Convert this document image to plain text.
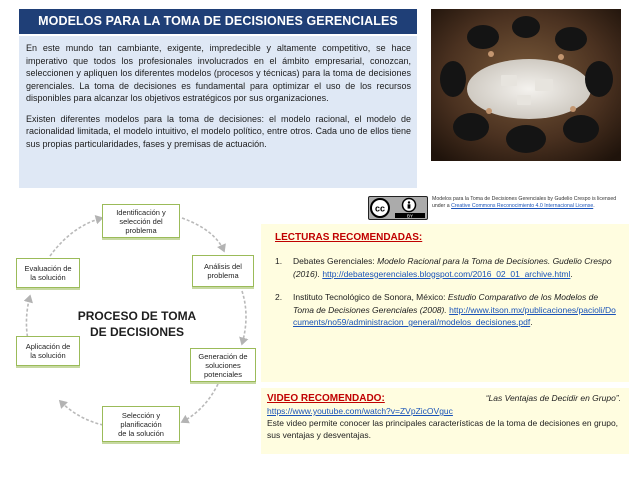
MODELOS PARA LA TOMA DE DECISIONES GERENCIALES

En este mundo tan cambiante, exigente, impredecible y altamente competitivo, se hace imperativo que todos los profesionales involucrados en el ámbito empresarial, conozcan, seleccionen y apliquen los diferentes modelos (procesos y técnicas) para la toma de decisiones gerenciales. La toma de decisiones es fundamental para optimizar el uso de los recursos disponibles para alcanzar los objetivos estratégicos por sus organizaciones.

Existen diferentes modelos para la toma de decisiones: el modelo racional, el modelo de racionalidad limitada, el modelo intuitivo, el modelo político, entre otros. Cada uno de ellos tiene sus propias particularidades, fases y premisas de actuación.

cc
BY
Modelos para la Toma de Decisiones Gerenciales by Gudelio Crespo is licensed under a Creative Commons Reconocimiento 4.0 Internacional License.
Identificación y
selección del
problema
Análisis del
problema
Generación de
soluciones
potenciales
Selección y
planificación
de la solución
Aplicación de
la solución
Evaluación de
la solución
PROCESO DE TOMA
DE DECISIONES
LECTURAS RECOMENDADAS:
1. Debates Gerenciales: Modelo Racional para la Toma de Decisiones. Gudelio Crespo (2016). http://debatesgerenciales.blogspot.com/2016_02_01_archive.html.
2. Instituto Tecnológico de Sonora, México: Estudio Comparativo de los Modelos de Toma de Decisiones Gerenciales (2008). http://www.itson.mx/publicaciones/pacioli/Documents/no59/administracion_general/modelos_decisiones.pdf.
VIDEO RECOMENDADO:	“Las Ventajas de Decidir en Grupo”.
https://www.youtube.com/watch?v=ZVpZicOVguc
Este video permite conocer las principales características de la toma de decisiones en grupo, sus ventajas y desventajas.
